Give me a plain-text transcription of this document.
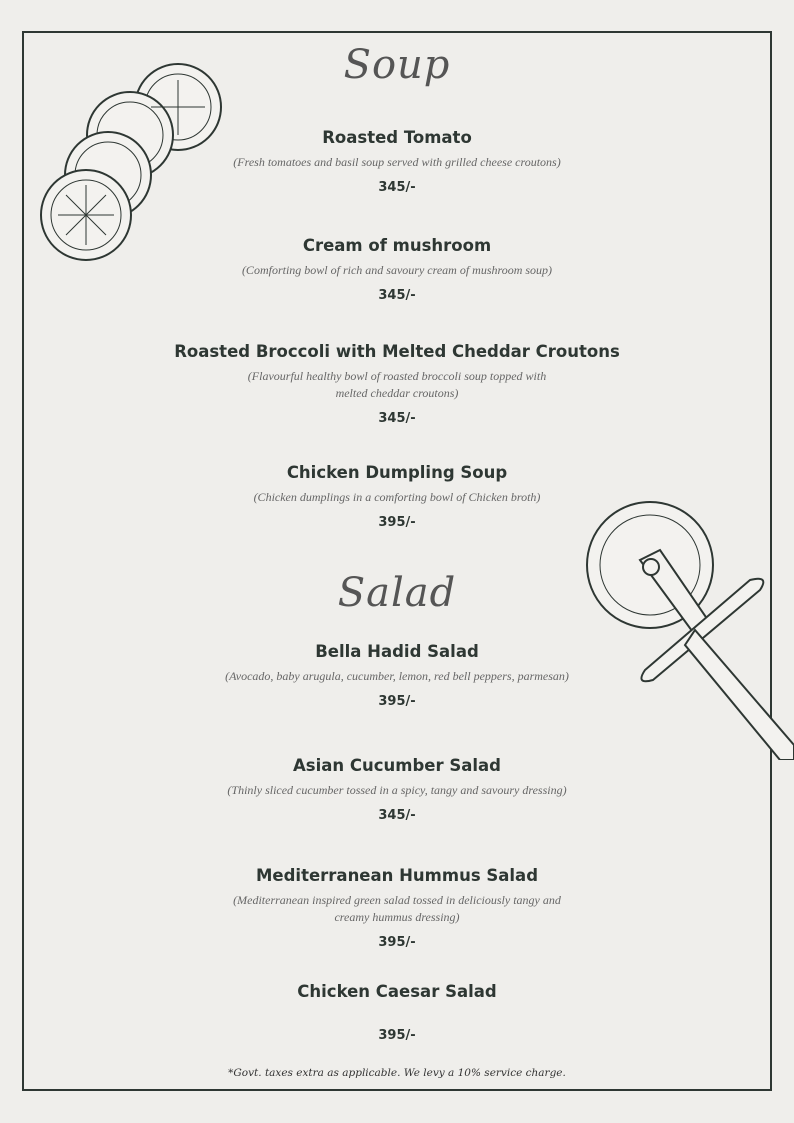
Soup
Roasted Tomato
(Fresh tomatoes and basil soup served with grilled cheese croutons)
345/-
Cream of mushroom
(Comforting bowl of rich and savoury cream of mushroom soup)
345/-
Roasted Broccoli with Melted Cheddar Croutons
(Flavourful healthy bowl of roasted broccoli soup topped with melted cheddar croutons)
345/-
Chicken Dumpling Soup
(Chicken dumplings in a comforting bowl of Chicken broth)
395/-
Salad
Bella Hadid Salad
(Avocado, baby arugula, cucumber, lemon, red bell peppers, parmesan)
395/-
Asian Cucumber Salad
(Thinly sliced cucumber tossed in a spicy, tangy and savoury dressing)
345/-
Mediterranean Hummus Salad
(Mediterranean inspired green salad tossed in deliciously tangy and creamy hummus dressing)
395/-
Chicken Caesar Salad
395/-
*Govt. taxes extra as applicable. We levy a 10% service charge.
